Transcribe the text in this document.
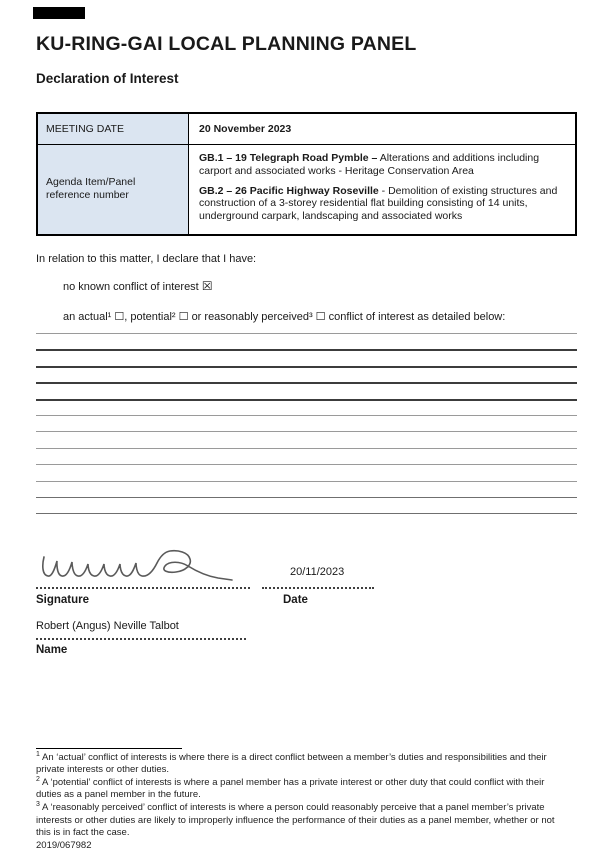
KU-RING-GAI LOCAL PLANNING PANEL
Declaration of Interest
MEETING DATE	20 November 2023
Agenda Item/Panel reference number	GB.1 – 19 Telegraph Road Pymble – Alterations and additions including carport and associated works - Heritage Conservation Area

GB.2 – 26 Pacific Highway Roseville - Demolition of existing structures and construction of a 3-storey residential flat building consisting of 14 units, underground carpark, landscaping and associated works

In relation to this matter, I declare that I have:

no known conflict of interest ☒

an actual¹ ☐, potential² ☐ or reasonably perceived³ ☐ conflict of interest as detailed below:

20/11/2023
Signature	Date
Robert (Angus) Neville Talbot
Name

$^1$ An ‘actual’ conflict of interests is where there is a direct conflict between a member’s duties and responsibilities and their private interests or other duties.

$^2$ A ‘potential’ conflict of interests is where a panel member has a private interest or other duty that could conflict with their duties as a panel member in the future.

$^3$ A ‘reasonably perceived’ conflict of interests is where a person could reasonably perceive that a panel member’s private interests or other duties are likely to improperly influence the performance of their duties as a panel member, whether or not this is in fact the case.

2019/067982
